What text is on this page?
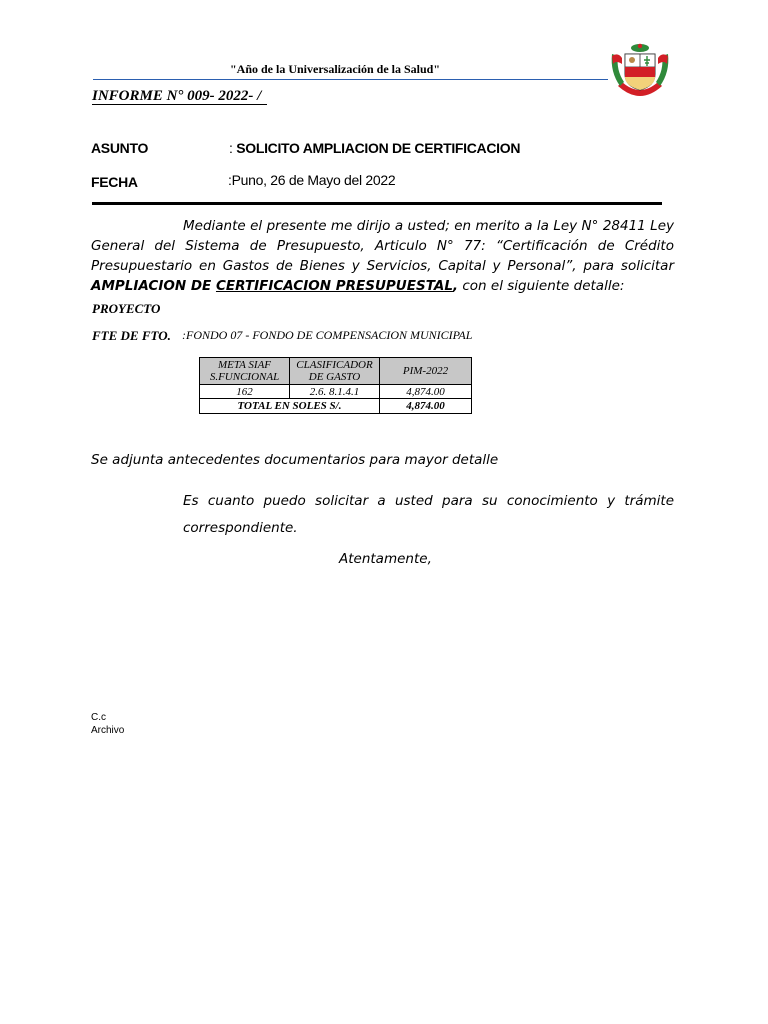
"Año de la Universalización de la Salud"
INFORME N° 009- 2022- /
ASUNTO	: SOLICITO AMPLIACION DE CERTIFICACION
FECHA	:Puno, 26 de Mayo del 2022
Mediante el presente me dirijo a usted; en merito a la Ley N° 28411 Ley General del Sistema de Presupuesto, Articulo N° 77: “Certificación de Crédito Presupuestario en Gastos de Bienes y Servicios, Capital y Personal”, para solicitar AMPLIACION DE CERTIFICACION PRESUPUESTAL, con el siguiente detalle:
PROYECTO
FTE DE FTO. :FONDO 07 - FONDO DE COMPENSACION MUNICIPAL
META SIAF S.FUNCIONAL	CLASIFICADOR DE GASTO	PIM-2022
162	2.6. 8.1.4.1	4,874.00
TOTAL EN SOLES S/.		4,874.00
Se adjunta antecedentes documentarios para mayor detalle
Es cuanto puedo solicitar a usted para su conocimiento y trámite correspondiente.
Atentamente,
C.c
Archivo
